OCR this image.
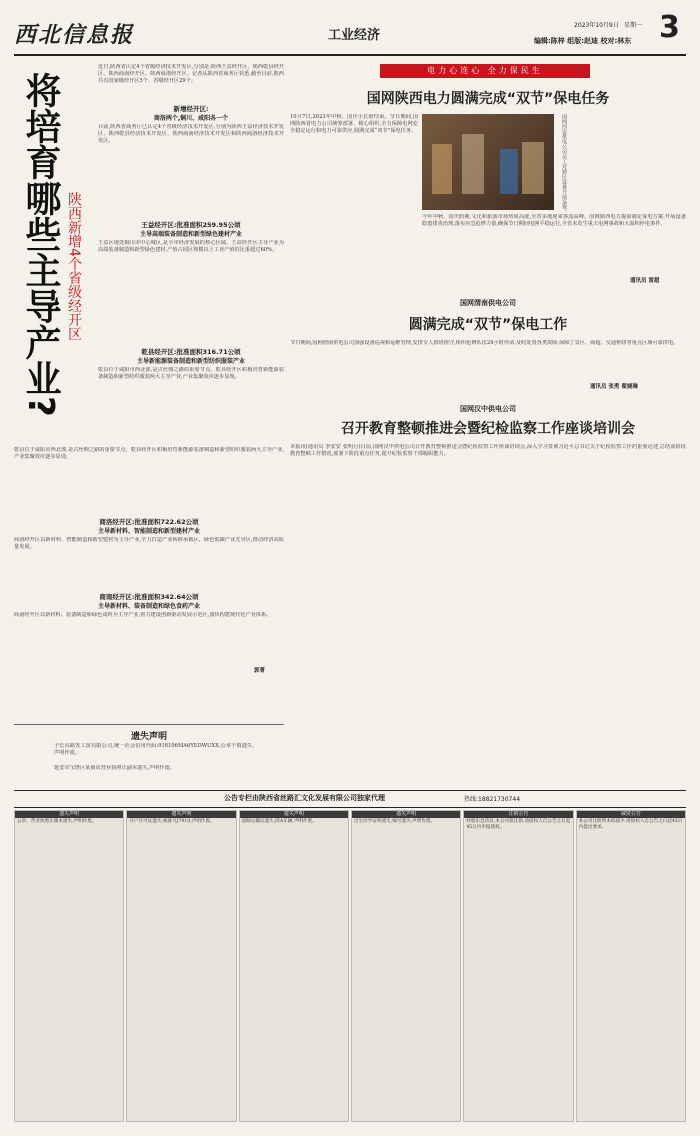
西北信息报	工业经济
2023年10月9日 星期一 3
编辑:陈梓 组版:赵迪 校对:林东
将培育哪些主导产业? 陕西新增4个省级经开区
近日,陕西省认定4个省级经济技术开发区,分别是:陕西王益经开区、陕西乾县经开区、陕西商南经开区、陕西商洛经开区。记者从陕西省商务厅获悉,截至目前,陕西共有国家级经开区5个、省级经开区29个。
新增经开区:
商洛两个,铜川、咸阳各一个
目前,陕西省商务厅已认定4个省级经济技术开发区,分别为陕西王益经济技术开发区、陕西乾县经济技术开发区、陕西商南经济技术开发区和陕西商洛经济技术开发区。
王益经开区:批准面积259.95公顷
主导高端装备制造和新型绿色建材产业
王益区地处铜川市中心城区,是全市经济发展的核心区域。王益经开区主导产业为高端装备制造和新型绿色建材,产值占园区规模以上工业产值的比重超过60%。
乾县经开区:批准面积316.71公顷
主导新能源装备制造和新型纺织服装产业
乾县位于咸阳市西北部,是古丝绸之路的重要节点。乾县经开区积极培育新能源装备制造和新型纺织服装两大主导产业,产业集聚效应逐步显现。
乾县位于咸阳市西北部,是古丝绸之路的重要节点。乾县经开区积极培育新能源装备制造和新型纺织服装两大主导产业,产业集聚效应逐步显现。
商洛经开区:批准面积722.62公顷
主导新材料、智能制造和新型建材产业
商洛经开区以新材料、智能制造和新型建材为主导产业,全力打造产业转移承载区、绿色低碳产业先导区,推动经济高质量发展。
商南经开区:批准面积342.64公顷
主导新材料、装备制造和绿色食药产业
商南经开区以新材料、装备制造和绿色食药为主导产业,着力建设创新驱动发展示范区,加快构建现代化产业体系。
郭菁
遗失声明
子长县路发工贸有限公司,统一社会信用代码:916106MA6YEDWUXX,公章不慎遗失,声明作废。
延安市宝塔区某商店营业执照正副本遗失,声明作废。
电力心连心 全力保民生
国网陕西电力圆满完成“双节”保电任务
10月7日,2023年中秋、国庆小长假结束。节日期间,国网陕西省电力公司统筹部署、精心组织,全力保障电网安全稳定运行和电力可靠供应,圆满完成“双节”保电任务。	国网西安供电公司员工对辖区设备开展巡视。
今年中秋、国庆假期,文化和旅游市场热度高涨,全省多地迎来客流高峰。国网陕西电力提前制定保电方案,开展设备隐患排查治理,落实应急抢修力量,确保节日期间电网平稳运行,全省未发生重大电网事故和大面积停电事件。
通讯员 雷超
国网渭南供电公司
圆满完成“双节”保电工作
节日期间,国网渭南供电公司加强设备巡视和运维管理,安排专人值班值守,组织抢修队伍24小时待命,及时处置各类故障,保障了景区、商超、交通枢纽等重点区域可靠供电。
通讯员 张勇 翟婕琳
国网汉中供电公司
召开教育整顿推进会暨纪检监察工作座谈培训会
本报讯(通讯员 李安安 张明月)日前,国网汉中供电公司召开教育整顿推进会暨纪检监察工作座谈培训会,深入学习贯彻习近平总书记关于纪检监察工作的重要论述,总结前阶段教育整顿工作情况,部署下阶段重点任务,提升纪检监察干部履职能力。
公告专栏由陕西省丝路汇文化发展有限公司独家代理	热线:18821730744
遗失声明
公章、营业执照正副本遗失,声明作废。
遗失声明
开户许可证遗失,核准号J7910,声明作废。
遗失声明
道路运输证遗失,陕A车辆,声明作废。
遗失声明
出生医学证明遗失,编号遗失,声明作废。
注销公告
经股东会决议,本公司拟注销,请债权人自公告之日起45日内申报债权。
减资公告
本公司注册资本拟减少,请债权人自公告之日起45日内提出要求。
